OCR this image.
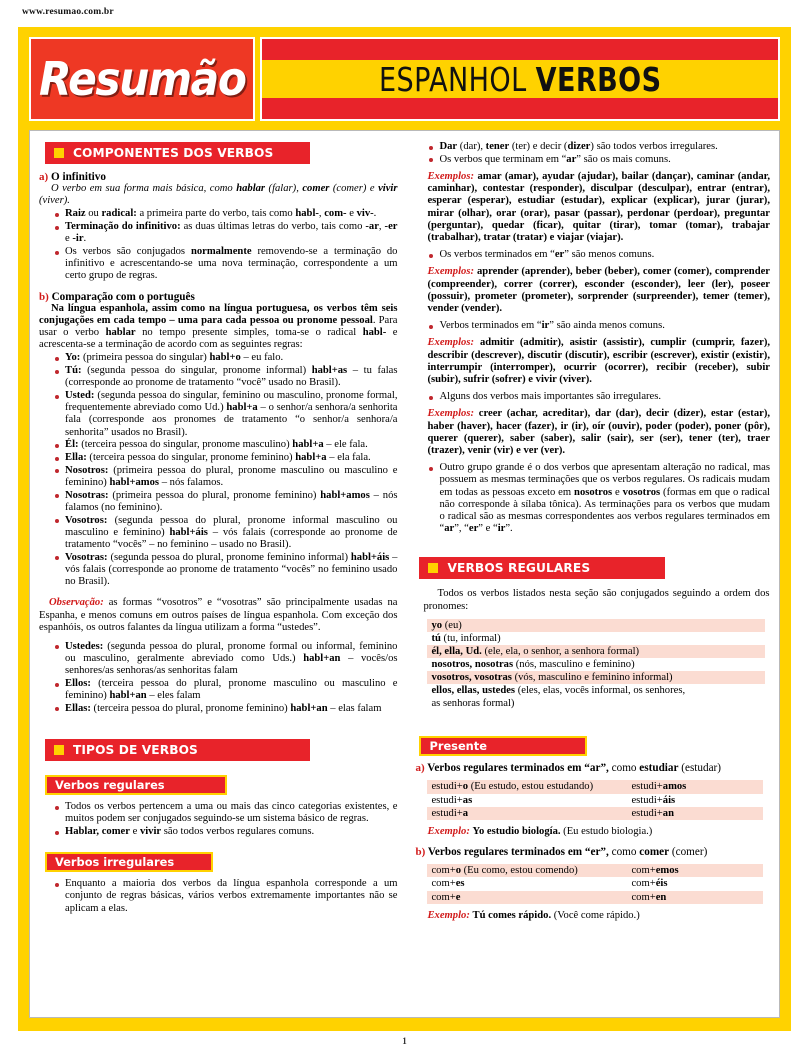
www.resumao.com.br
Resumão	ESPANHOL VERBOS
COMPONENTES DOS VERBOS
a) O infinitivo
O verbo em sua forma mais básica, como hablar (falar), comer (comer) e vivir (viver).
Raiz ou radical: a primeira parte do verbo, tais como habl-, com- e viv-.
Terminação do infinitivo: as duas últimas letras do verbo, tais como -ar, -er e -ir.
Os verbos são conjugados normalmente removendo-se a terminação do infinitivo e acrescentando-se uma nova terminação, correspondente a um certo grupo de regras.
b) Comparação com o português
Na língua espanhola, assim como na língua portuguesa, os verbos têm seis conjugações em cada tempo – uma para cada pessoa ou pronome pessoal. Para usar o verbo hablar no tempo presente simples, toma-se o radical habl- e acrescenta-se a terminação de acordo com as seguintes regras:
Yo: (primeira pessoa do singular) habl+o – eu falo.
Tú: (segunda pessoa do singular, pronome informal) habl+as – tu falas (corresponde ao pronome de tratamento “você” usado no Brasil).
Usted: (segunda pessoa do singular, feminino ou masculino, pronome formal, frequentemente abreviado como Ud.) habl+a – o senhor/a senhora/a senhorita fala (corresponde aos pronomes de tratamento “o senhor/a senhora/a senhorita” usados no Brasil).
Él: (terceira pessoa do singular, pronome masculino) habl+a – ele fala.
Ella: (terceira pessoa do singular, pronome feminino) habl+a – ela fala.
Nosotros: (primeira pessoa do plural, pronome masculino ou masculino e feminino) habl+amos – nós falamos.
Nosotras: (primeira pessoa do plural, pronome feminino) habl+amos – nós falamos (no feminino).
Vosotros: (segunda pessoa do plural, pronome informal masculino ou masculino e feminino) habl+áis – vós falais (corresponde ao pronome de tratamento “vocês” – no feminino – usado no Brasil).
Vosotras: (segunda pessoa do plural, pronome feminino informal) habl+áis – vós falais (corresponde ao pronome de tratamento “vocês” no feminino usado no Brasil).
Observação: as formas “vosotros” e “vosotras” são principalmente usadas na Espanha, e menos comuns em outros países de língua espanhola. Com exceção dos espanhóis, os outros falantes da língua utilizam a forma “ustedes”.
Ustedes: (segunda pessoa do plural, pronome formal ou informal, feminino ou masculino, geralmente abreviado como Uds.) habl+an – vocês/os senhores/as senhoras/as senhoritas falam
Ellos: (terceira pessoa do plural, pronome masculino ou masculino e feminino) habl+an – eles falam
Ellas: (terceira pessoa do plural, pronome feminino) habl+an – elas falam
TIPOS DE VERBOS
Verbos regulares
Todos os verbos pertencem a uma ou mais das cinco categorias existentes, e muitos podem ser conjugados seguindo-se um sistema básico de regras.
Hablar, comer e vivir são todos verbos regulares comuns.
Verbos irregulares
Enquanto a maioria dos verbos da língua espanhola corresponde a um conjunto de regras básicas, vários verbos extremamente importantes não se aplicam a elas.
Dar (dar), tener (ter) e decir (dizer) são todos verbos irregulares.
Os verbos que terminam em “ar” são os mais comuns.
Exemplos: amar (amar), ayudar (ajudar), bailar (dançar), caminar (andar, caminhar), contestar (responder), disculpar (desculpar), entrar (entrar), esperar (esperar), estudiar (estudar), explicar (explicar), jurar (jurar), mirar (olhar), orar (orar), pasar (passar), perdonar (perdoar), preguntar (perguntar), quedar (ficar), quitar (tirar), tomar (tomar), trabajar (trabalhar), tratar (tratar) e viajar (viajar).
Os verbos terminados em “er” são menos comuns.
Exemplos: aprender (aprender), beber (beber), comer (comer), comprender (compreender), correr (correr), esconder (esconder), leer (ler), poseer (possuir), prometer (prometer), sorprender (surpreender), temer (temer), vender (vender).
Verbos terminados em “ir” são ainda menos comuns.
Exemplos: admitir (admitir), asistir (assistir), cumplir (cumprir, fazer), describir (descrever), discutir (discutir), escribir (escrever), existir (existir), interrumpir (interromper), ocurrir (ocorrer), recibir (receber), subir (subir), sufrir (sofrer) e vivir (viver).
Alguns dos verbos mais importantes são irregulares.
Exemplos: creer (achar, acreditar), dar (dar), decir (dizer), estar (estar), haber (haver), hacer (fazer), ir (ir), oír (ouvir), poder (poder), poner (pôr), querer (querer), saber (saber), salir (sair), ser (ser), tener (ter), traer (trazer), venir (vir) e ver (ver).
Outro grupo grande é o dos verbos que apresentam alteração no radical, mas possuem as mesmas terminações que os verbos regulares. Os radicais mudam em todas as pessoas exceto em nosotros e vosotros (formas em que o radical não corresponde à sílaba tônica). As terminações para os verbos que mudam o radical são as mesmas correspondentes aos verbos regulares terminados em “ar”, “er” e “ir”.
VERBOS REGULARES
Todos os verbos listados nesta seção são conjugados seguindo a ordem dos pronomes:
yo (eu)
tú (tu, informal)
él, ella, Ud. (ele, ela, o senhor, a senhora formal)
nosotros, nosotras (nós, masculino e feminino)
vosotros, vosotras (vós, masculino e feminino informal)
ellos, ellas, ustedes (eles, elas, vocês informal, os senhores,
as senhoras formal)
Presente
a) Verbos regulares terminados em “ar”, como estudiar (estudar)
estudi+o (Eu estudo, estou estudando)	estudi+amos
estudi+as	estudi+áis
estudi+a	estudi+an
Exemplo: Yo estudio biología. (Eu estudo biologia.)
b) Verbos regulares terminados em “er”, como comer (comer)
com+o (Eu como, estou comendo)	com+emos
com+es	com+éis
com+e	com+en
Exemplo: Tú comes rápido. (Você come rápido.)
1
